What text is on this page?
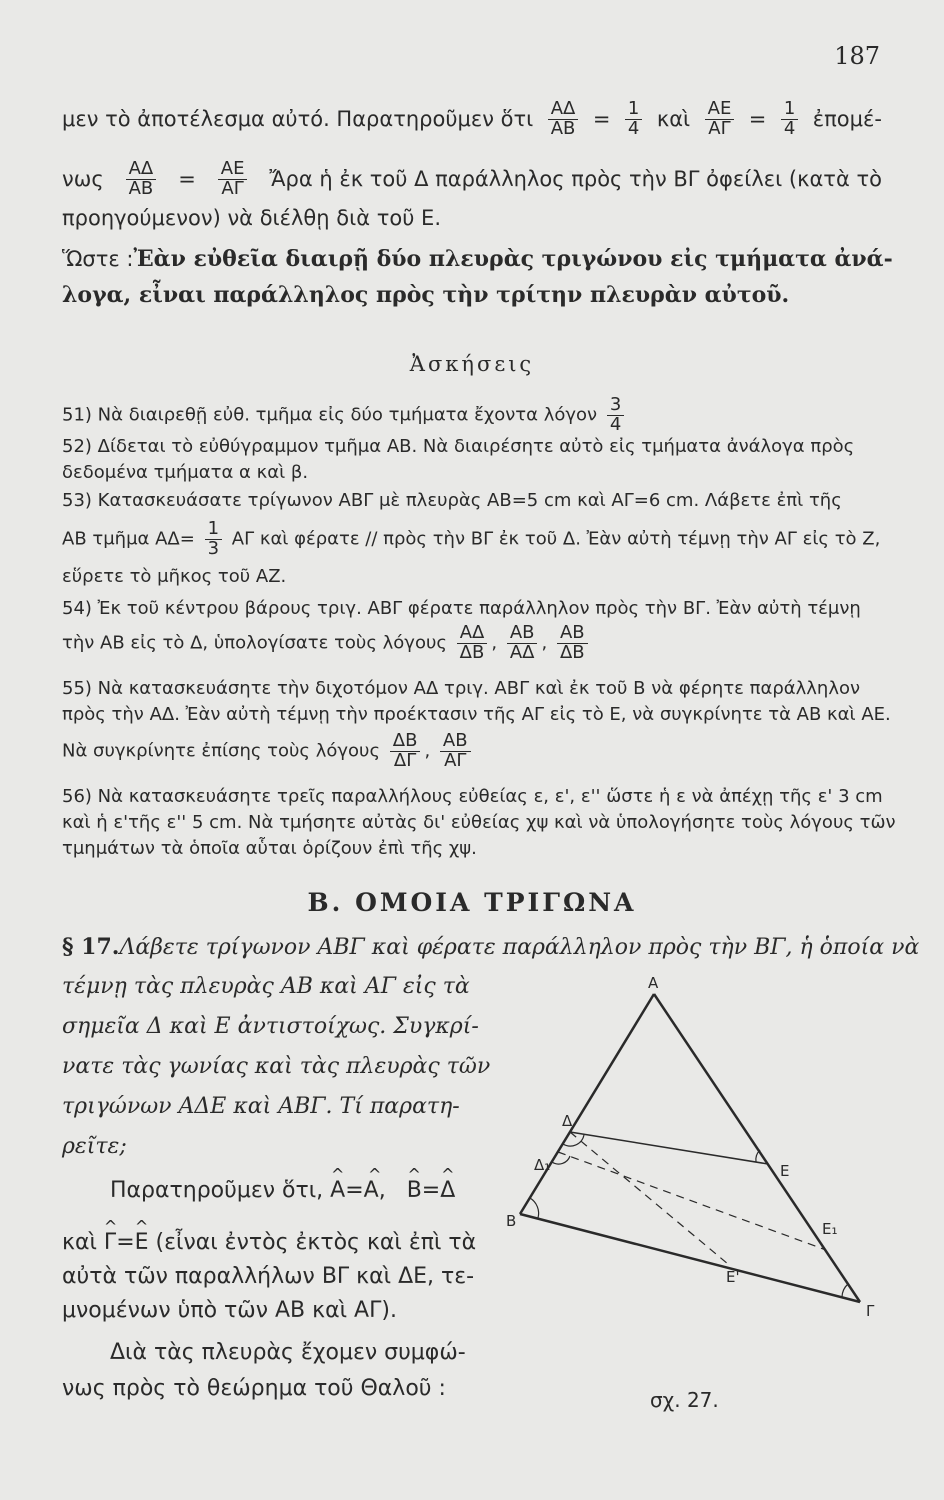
187
μεν τὸ ἀποτέλεσμα αὐτό. Παρατηροῦμεν ὅτι $\frac{A\Delta}{AB} = \frac{1}{4}$ καὶ $\frac{AE}{A\Gamma} = \frac{1}{4}$ ἐπομέ-
νως $\frac{A\Delta}{AB} = \frac{AE}{A\Gamma}$ Ἄρα ἡ ἐκ τοῦ Δ παράλληλος πρὸς τὴν ΒΓ ὀφείλει (κατὰ τὸ
προηγούμενον) νὰ διέλθῃ διὰ τοῦ Ε.
Ὥστε : Ἐὰν εὐθεῖα διαιρῇ δύο πλευρὰς τριγώνου εἰς τμήματα ἀνά-
λογα, εἶναι παράλληλος πρὸς τὴν τρίτην πλευρὰν αὐτοῦ.
Ἀσκήσεις
51) Νὰ διαιρεθῇ εὐθ. τμῆμα εἰς δύο τμήματα ἔχοντα λόγον $\frac{3}{4}$
52) Δίδεται τὸ εὐθύγραμμον τμῆμα ΑΒ. Νὰ διαιρέσητε αὐτὸ εἰς τμήματα ἀνάλογα πρὸς
δεδομένα τμήματα α καὶ β.
53) Κατασκευάσατε τρίγωνον ΑΒΓ μὲ πλευρὰς ΑΒ=5 cm καὶ ΑΓ=6 cm. Λάβετε ἐπὶ τῆς
ΑΒ τμῆμα $A\Delta= \frac{1}{3}$ ΑΓ καὶ φέρατε // πρὸς τὴν ΒΓ ἐκ τοῦ Δ. Ἐὰν αὐτὴ τέμνῃ τὴν ΑΓ εἰς τὸ Ζ,
εὕρετε τὸ μῆκος τοῦ ΑΖ.
54) Ἐκ τοῦ κέντρου βάρους τριγ. ΑΒΓ φέρατε παράλληλον πρὸς τὴν ΒΓ. Ἐὰν αὐτὴ τέμνῃ
τὴν ΑΒ εἰς τὸ Δ, ὑπολογίσατε τοὺς λόγους $\frac{A\Delta}{\Delta B}$ , $\frac{AB}{A\Delta}$ , $\frac{AB}{\Delta B}$
55) Νὰ κατασκευάσητε τὴν διχοτόμον ΑΔ τριγ. ΑΒΓ καὶ ἐκ τοῦ Β νὰ φέρητε παράλληλον
πρὸς τὴν ΑΔ. Ἐὰν αὐτὴ τέμνῃ τὴν προέκτασιν τῆς ΑΓ εἰς τὸ Ε, νὰ συγκρίνητε τὰ ΑΒ καὶ ΑΕ.
Νὰ συγκρίνητε ἐπίσης τοὺς λόγους $\frac{\Delta B}{\Delta\Gamma}$ , $\frac{AB}{A\Gamma}$
56) Νὰ κατασκευάσητε τρεῖς παραλλήλους εὐθείας ε, ε', ε'' ὥστε ἡ ε νὰ ἀπέχῃ τῆς ε' 3 cm
καὶ ἡ ε'τῆς ε'' 5 cm. Νὰ τμήσητε αὐτὰς δι' εὐθείας χψ καὶ νὰ ὑπολογήσητε τοὺς λόγους τῶν
τμημάτων τὰ ὁποῖα αὗται ὁρίζουν ἐπὶ τῆς χψ.
Β. ΟΜΟΙΑ ΤΡΙΓΩΝΑ
§ 17.Λάβετε τρίγωνον ΑΒΓ καὶ φέρατε παράλληλον πρὸς τὴν ΒΓ, ἡ ὁποία νὰ
τέμνῃ τὰς πλευρὰς ΑΒ καὶ ΑΓ εἰς τὰ
σημεῖα Δ καὶ Ε ἀντιστοίχως. Συγκρί-
νατε τὰς γωνίας καὶ τὰς πλευρὰς τῶν
τριγώνων ΑΔΕ καὶ ΑΒΓ. Τί παρατη-
ρεῖτε;
Παρατηροῦμεν ὅτι, ^ Α=^ Α, ^ Β=^ Δ
καὶ ^ Γ=^ Ε (εἶναι ἐντὸς ἐκτὸς καὶ ἐπὶ τὰ
αὐτὰ τῶν παραλλήλων ΒΓ καὶ ΔΕ, τε-
μνομένων ὑπὸ τῶν ΑΒ καὶ ΑΓ).
Διὰ τὰς πλευρὰς ἔχομεν συμφώ-
νως πρὸς τὸ θεώρημα τοῦ Θαλοῦ :
Α
Β
Γ
Δ
Δ₁	Ε
Ε₁
Ε'
σχ. 27.
